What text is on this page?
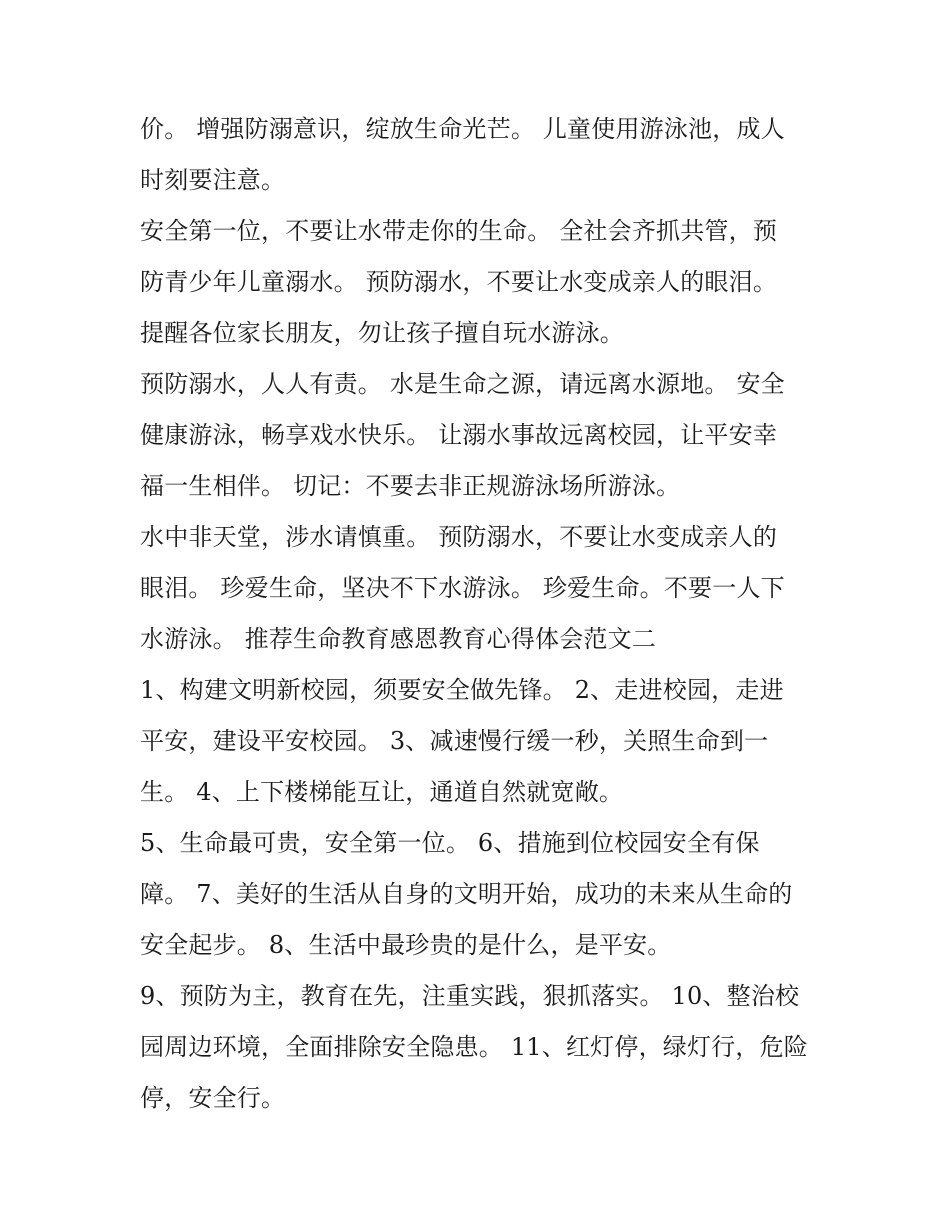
价。 增强防溺意识，绽放生命光芒。 儿童使用游泳池，成人
时刻要注意。
安全第一位，不要让水带走你的生命。 全社会齐抓共管，预
防青少年儿童溺水。 预防溺水，不要让水变成亲人的眼泪。
提醒各位家长朋友，勿让孩子擅自玩水游泳。
预防溺水，人人有责。 水是生命之源，请远离水源地。 安全
健康游泳，畅享戏水快乐。 让溺水事故远离校园，让平安幸
福一生相伴。 切记：不要去非正规游泳场所游泳。
水中非天堂，涉水请慎重。 预防溺水，不要让水变成亲人的
眼泪。 珍爱生命，坚决不下水游泳。 珍爱生命。不要一人下
水游泳。 推荐生命教育感恩教育心得体会范文二
1、构建文明新校园，须要安全做先锋。 2、走进校园，走进
平安，建设平安校园。 3、减速慢行缓一秒，关照生命到一
生。 4、上下楼梯能互让，通道自然就宽敞。
5、生命最可贵，安全第一位。 6、措施到位校园安全有保
障。 7、美好的生活从自身的文明开始，成功的未来从生命的
安全起步。 8、生活中最珍贵的是什么，是平安。
9、预防为主，教育在先，注重实践，狠抓落实。 10、整治校
园周边环境，全面排除安全隐患。 11、红灯停，绿灯行，危险
停，安全行。
